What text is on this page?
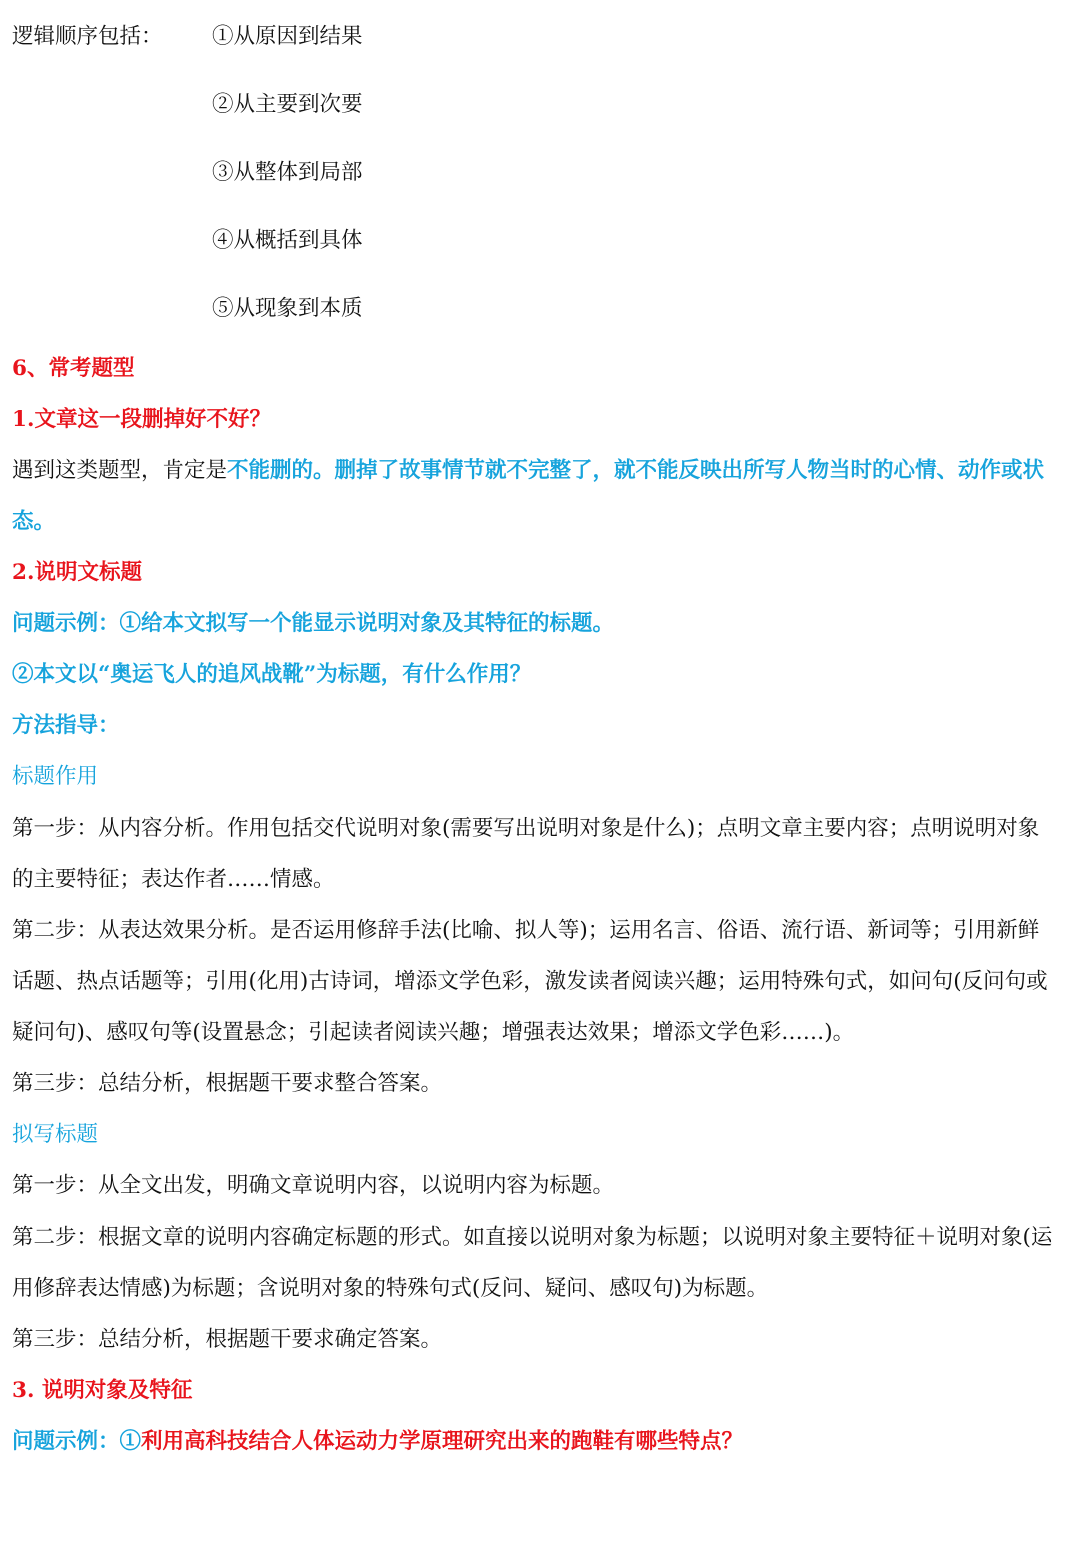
逻辑顺序包括： ①从原因到结果
②从主要到次要
③从整体到局部
④从概括到具体
⑤从现象到本质
6、常考题型
1.文章这一段删掉好不好？
遇到这类题型，肯定是不能删的。删掉了故事情节就不完整了，就不能反映出所写人物当时的心情、动作或状态。
2.说明文标题
问题示例：①给本文拟写一个能显示说明对象及其特征的标题。
②本文以“奥运飞人的追风战靴”为标题，有什么作用？
方法指导：
标题作用
第一步：从内容分析。作用包括交代说明对象(需要写出说明对象是什么)；点明文章主要内容；点明说明对象的主要特征；表达作者……情感。
第二步：从表达效果分析。是否运用修辞手法(比喻、拟人等)；运用名言、俗语、流行语、新词等；引用新鲜话题、热点话题等；引用(化用)古诗词，增添文学色彩，激发读者阅读兴趣；运用特殊句式，如问句(反问句或疑问句)、感叹句等(设置悬念；引起读者阅读兴趣；增强表达效果；增添文学色彩……)。
第三步：总结分析，根据题干要求整合答案。
拟写标题
第一步：从全文出发，明确文章说明内容，以说明内容为标题。
第二步：根据文章的说明内容确定标题的形式。如直接以说明对象为标题；以说明对象主要特征＋说明对象(运用修辞表达情感)为标题；含说明对象的特殊句式(反问、疑问、感叹句)为标题。
第三步：总结分析，根据题干要求确定答案。
3. 说明对象及特征
问题示例：①利用高科技结合人体运动力学原理研究出来的跑鞋有哪些特点？
